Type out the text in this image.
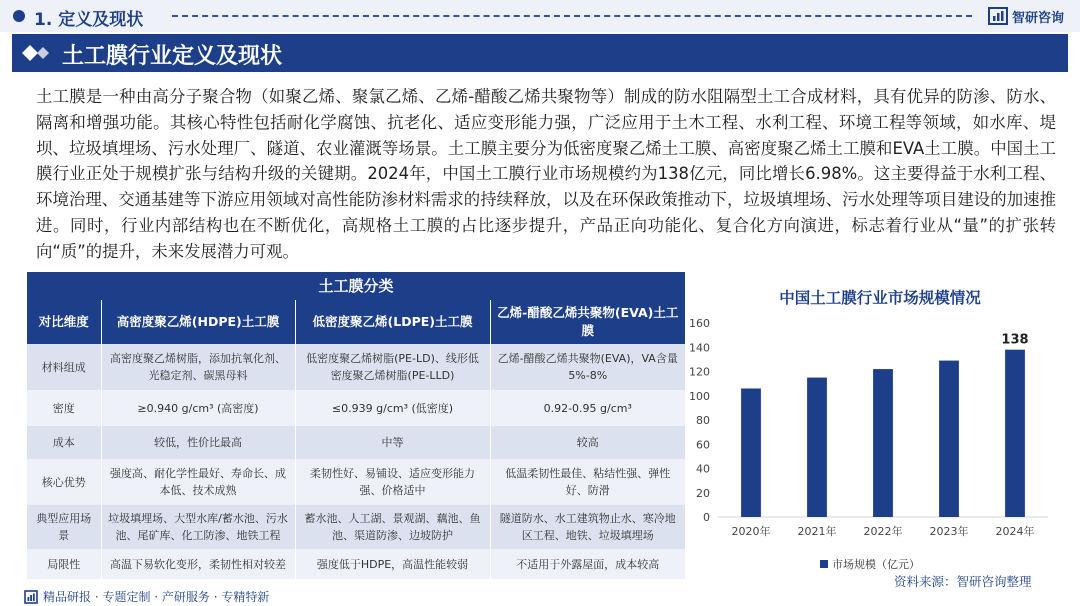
1. 定义及现状	智研咨询
土工膜行业定义及现状

土工膜是一种由高分子聚合物（如聚乙烯、聚氯乙烯、乙烯-醋酸乙烯共聚物等）制成的防水阻隔型土工合成材料，具有优异的防渗、防水、隔离和增强功能。其核心特性包括耐化学腐蚀、抗老化、适应变形能力强，广泛应用于土木工程、水利工程、环境工程等领域，如水库、堤坝、垃圾填埋场、污水处理厂、隧道、农业灌溉等场景。土工膜主要分为低密度聚乙烯土工膜、高密度聚乙烯土工膜和EVA土工膜。中国土工膜行业正处于规模扩张与结构升级的关键期。2024年，中国土工膜行业市场规模约为138亿元，同比增长6.98%。这主要得益于水利工程、环境治理、交通基建等下游应用领域对高性能防渗材料需求的持续释放，以及在环保政策推动下，垃圾填埋场、污水处理等项目建设的加速推进。同时，行业内部结构也在不断优化，高规格土工膜的占比逐步提升，产品正向功能化、复合化方向演进，标志着行业从“量”的扩张转向“质”的提升，未来发展潜力可观。

土工膜分类
对比维度	高密度聚乙烯(HDPE)土工膜	低密度聚乙烯(LDPE)土工膜	乙烯-醋酸乙烯共聚物(EVA)土工膜
材料组成	高密度聚乙烯树脂，添加抗氧化剂、光稳定剂、碳黑母料	低密度聚乙烯树脂(PE-LD)、线形低密度聚乙烯树脂(PE-LLD)	乙烯-醋酸乙烯共聚物(EVA)，VA含量5%-8%
密度	≥0.940 g/cm³ (高密度)	≤0.939 g/cm³ (低密度)	0.92-0.95 g/cm³
成本	较低，性价比最高	中等	较高
核心优势	强度高、耐化学性最好、寿命长、成本低、技术成熟	柔韧性好、易铺设、适应变形能力强、价格适中	低温柔韧性最佳、粘结性强、弹性好、防滑
典型应用场景	垃圾填埋场、大型水库/蓄水池、污水池、尾矿库、化工防渗、地铁工程	蓄水池、人工湖、景观湖、藕池、鱼池、渠道防渗、边坡防护	隧道防水、水工建筑物止水、寒冷地区工程、地铁、垃圾填埋场
局限性	高温下易软化变形，柔韧性相对较差	强度低于HDPE，高温性能较弱	不适用于外露屋面，成本较高
中国土工膜行业市场规模情况
0
20
40
60
80
100
120
140
160
2020年 2021年 2022年 2023年 2024年
138
市场规模（亿元）
资料来源：智研咨询整理
精品研报 · 专题定制 · 产研服务 · 专精特新
